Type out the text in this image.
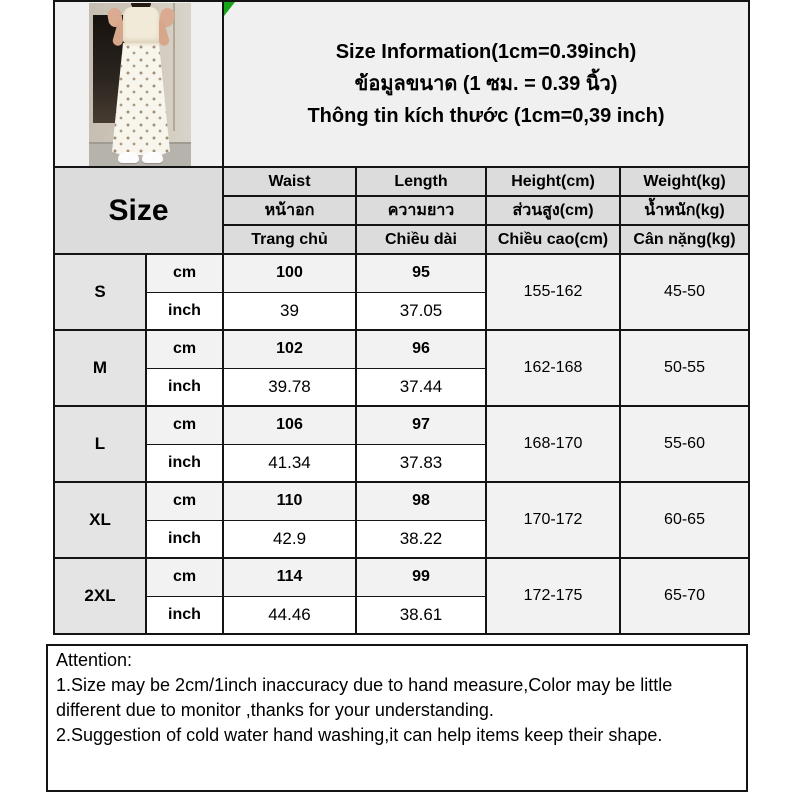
		Size Information(1cm=0.39inch)
ข้อมูลขนาด (1 ซม. = 0.39 นิ้ว)
Thông tin kích thước (1cm=0,39 inch)			

Size		Waist	Length	Height(cm)	Weight(kg)
		หน้าอก	ความยาว	ส่วนสูง(cm)	น้ำหนัก(kg)
		Trang chủ	Chiều dài	Chiều cao(cm)	Cân nặng(kg)
S	cm	100	95	155-162	45-50
	inch	39	37.05		
M	cm	102	96	162-168	50-55
	inch	39.78	37.44		
L	cm	106	97	168-170	55-60
	inch	41.34	37.83		
XL	cm	110	98	170-172	60-65
	inch	42.9	38.22		
2XL	cm	114	99	172-175	65-70
	inch	44.46	38.61		
Attention:
1.Size may be 2cm/1inch inaccuracy due to hand measure,Color may be little different due to monitor ,thanks for your understanding.
2.Suggestion of cold water hand washing,it can help items keep their shape.
